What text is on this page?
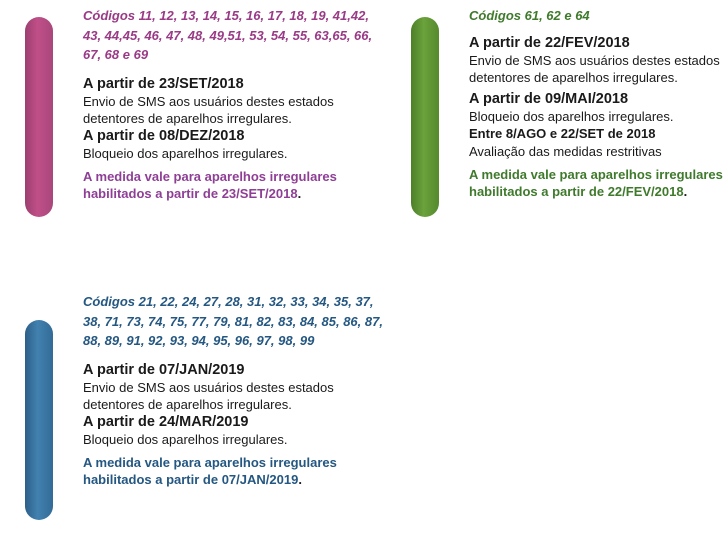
Códigos 11, 12, 13, 14, 15, 16, 17, 18, 19, 41,42, 43, 44,45, 46, 47, 48, 49,51, 53, 54, 55, 63,65, 66, 67, 68 e 69

A partir de 23/SET/2018

Envio de SMS aos usuários destes estados detentores de aparelhos irregulares.

A partir de 08/DEZ/2018

Bloqueio dos aparelhos irregulares.

A medida vale para aparelhos irregulares habilitados a partir de 23/SET/2018.

Códigos 61, 62 e 64

A partir de 22/FEV/2018

Envio de SMS aos usuários destes estados detentores de aparelhos irregulares.

A partir de 09/MAI/2018

Bloqueio dos aparelhos irregulares.

Entre 8/AGO e 22/SET de 2018

Avaliação das medidas restritivas

A medida vale para aparelhos irregulares habilitados a partir de 22/FEV/2018.

Códigos 21, 22, 24, 27, 28, 31, 32, 33, 34, 35, 37, 38, 71, 73, 74, 75, 77, 79, 81, 82, 83, 84, 85, 86, 87, 88, 89, 91, 92, 93, 94, 95, 96, 97, 98, 99

A partir de 07/JAN/2019

Envio de SMS aos usuários destes estados detentores de aparelhos irregulares.

A partir de 24/MAR/2019

Bloqueio dos aparelhos irregulares.

A medida vale para aparelhos irregulares habilitados a partir de 07/JAN/2019.
